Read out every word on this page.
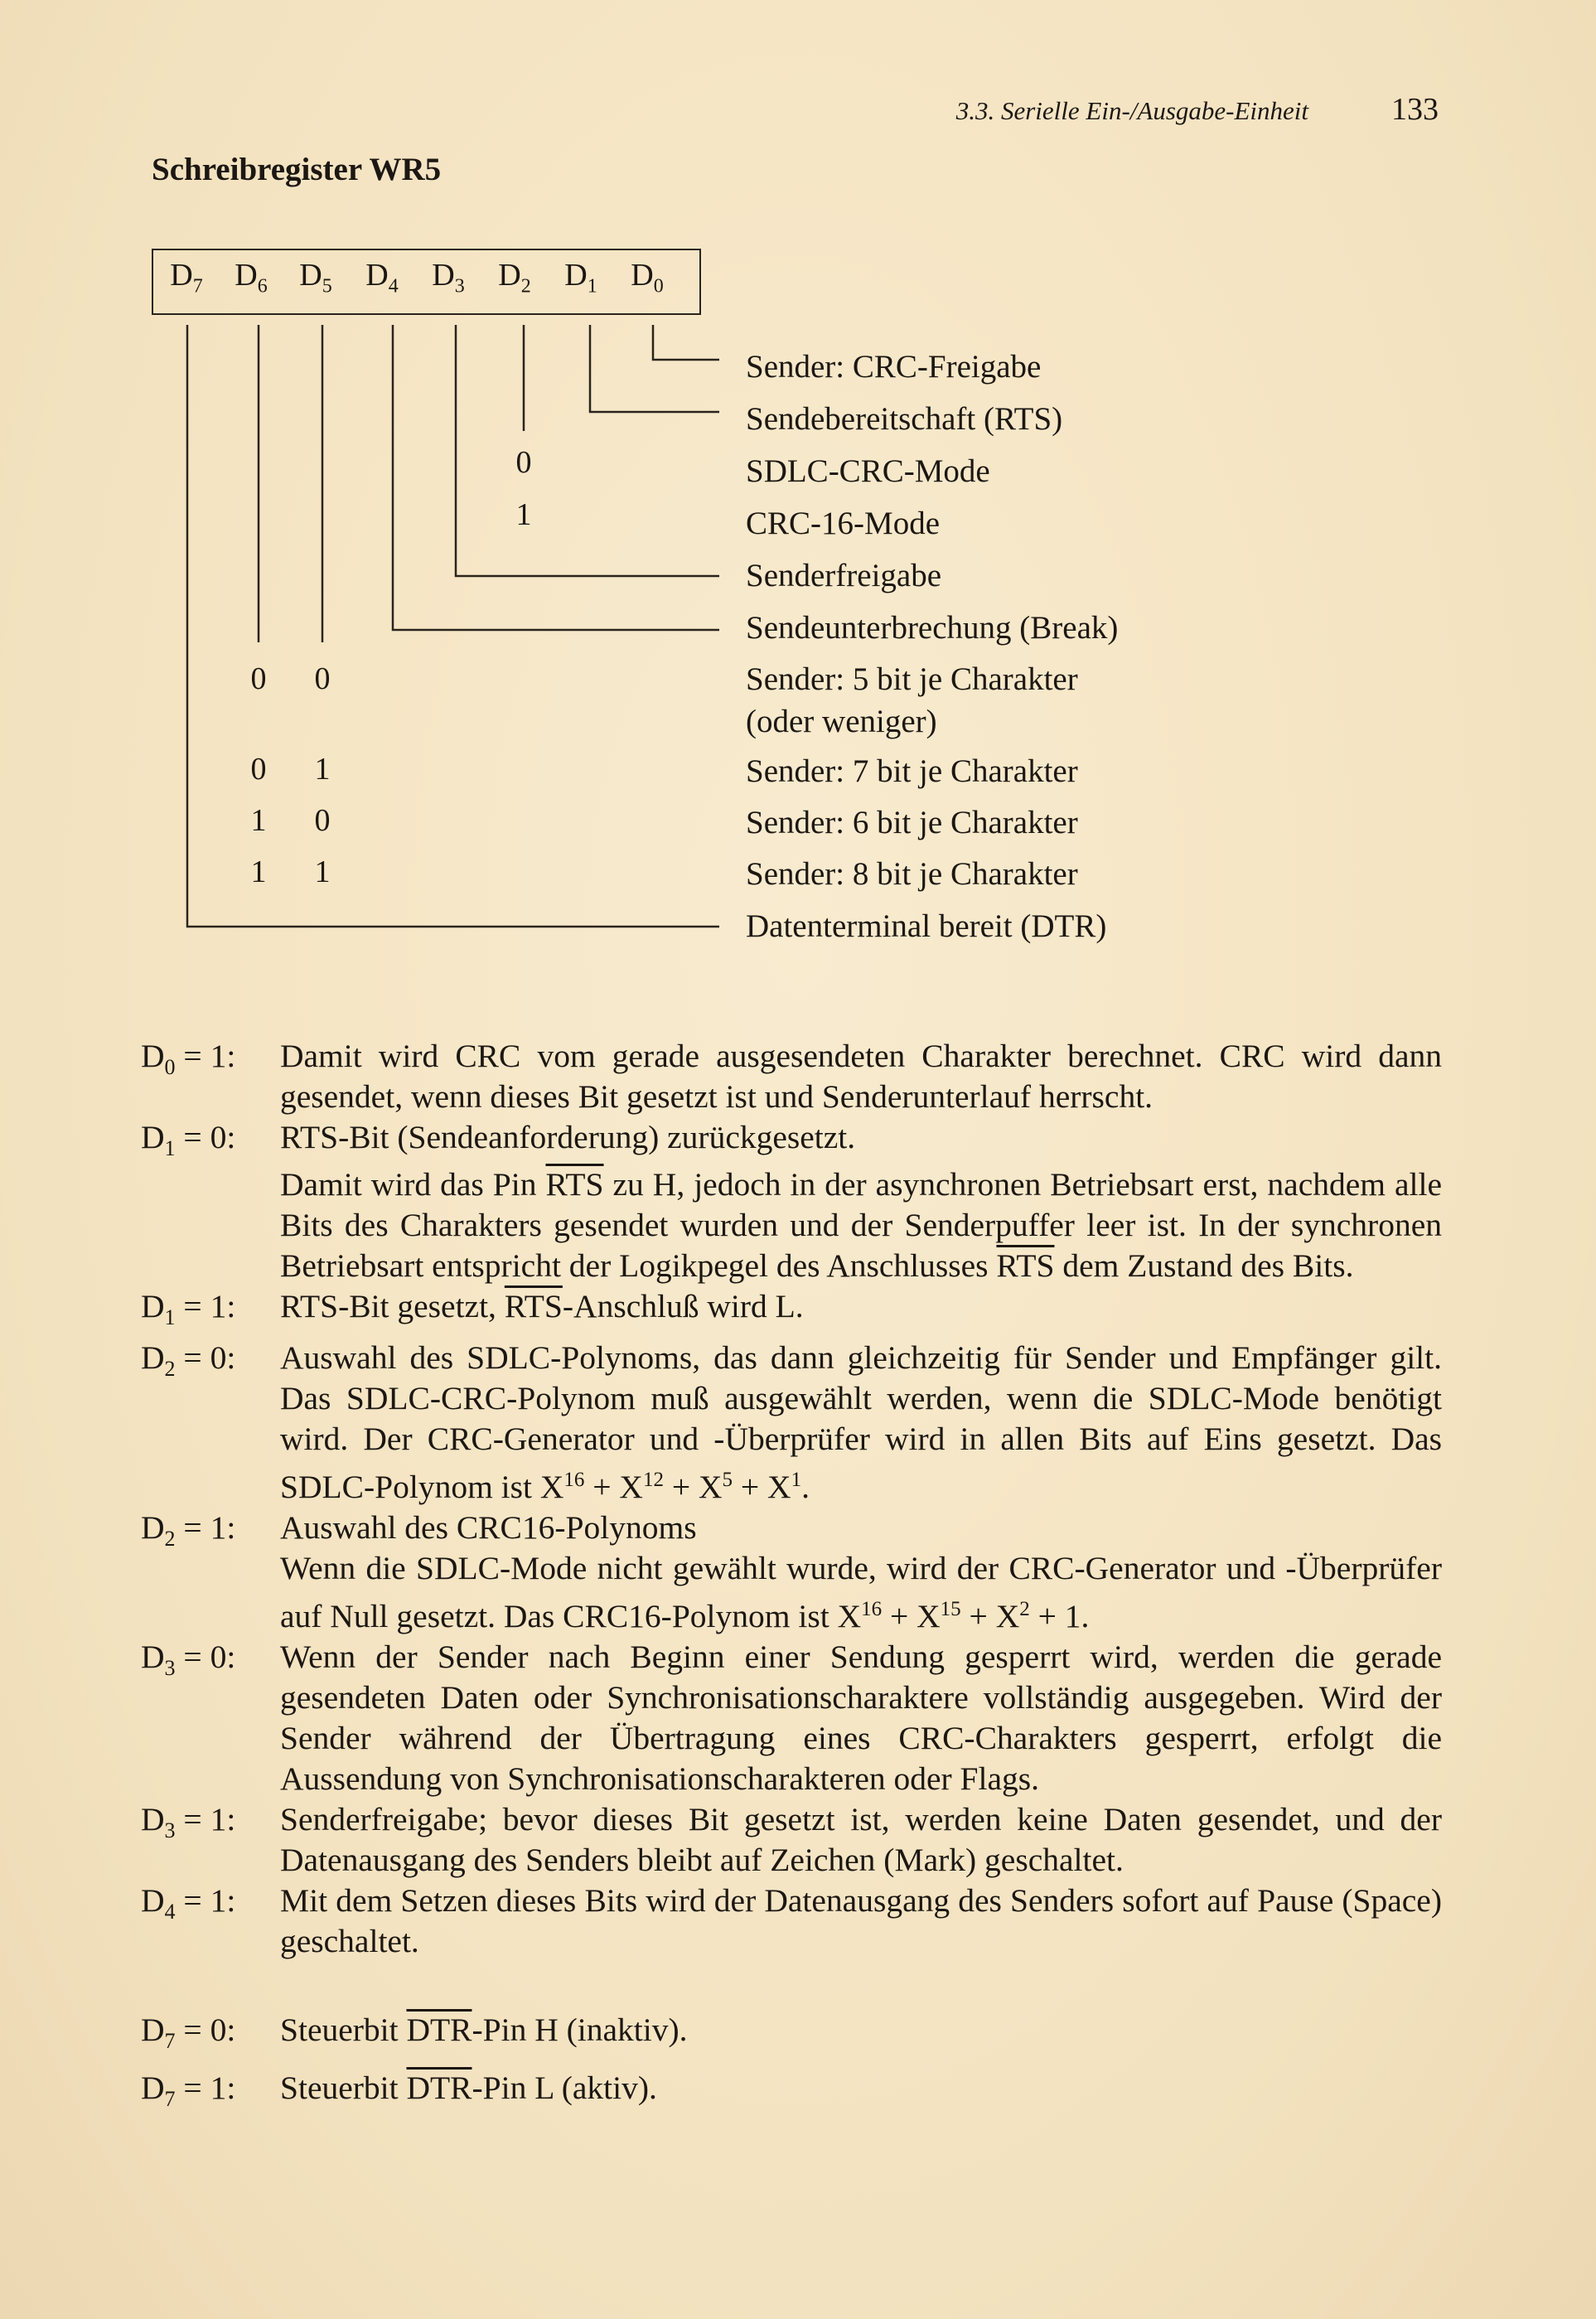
3.3. Serielle Ein-/Ausgabe-Einheit	133
Schreibregister WR5
$D_7$ $D_6$ $D_5$ $D_4$ $D_3$ $D_2$ $D_1$ $D_0$
0
1
0 0
0 1
1 0
1 1
Sender: CRC-Freigabe
Sendebereitschaft (RTS)
SDLC-CRC-Mode
CRC-16-Mode
Senderfreigabe
Sendeunterbrechung (Break)
Sender: 5 bit je Charakter
(oder weniger)
Sender: 7 bit je Charakter
Sender: 6 bit je Charakter
Sender: 8 bit je Charakter
Datenterminal bereit (DTR)
$D_0 = 1$:	Damit wird CRC vom gerade ausgesendeten Charakter berechnet. CRC wird dann gesendet, wenn dieses Bit gesetzt ist und Senderunterlauf herrscht.
$D_1 = 0$:	RTS-Bit (Sendeanforderung) zurückgesetzt.
Damit wird das Pin $\overline{RTS}$ zu H, jedoch in der asynchronen Betriebsart erst, nachdem alle Bits des Charakters gesendet wurden und der Senderpuffer leer ist. In der synchronen Betriebsart entspricht der Logikpegel des Anschlusses $\overline{RTS}$ dem Zustand des Bits.
$D_1 = 1$:	RTS-Bit gesetzt, $\overline{RTS}$-Anschluß wird L.
$D_2 = 0$:	Auswahl des SDLC-Polynoms, das dann gleichzeitig für Sender und Empfänger gilt. Das SDLC-CRC-Polynom muß ausgewählt werden, wenn die SDLC-Mode benötigt wird. Der CRC-Generator und -Überprüfer wird in allen Bits auf Eins gesetzt. Das SDLC-Polynom ist $X^{16} + X^{12} + X^5 + X^1$.
$D_2 = 1$:	Auswahl des CRC16-Polynoms
Wenn die SDLC-Mode nicht gewählt wurde, wird der CRC-Generator und -Überprüfer auf Null gesetzt. Das CRC16-Polynom ist $X^{16} + X^{15} + X^2 + 1$.
$D_3 = 0$:	Wenn der Sender nach Beginn einer Sendung gesperrt wird, werden die gerade gesendeten Daten oder Synchronisationscharaktere vollständig ausgegeben. Wird der Sender während der Übertragung eines CRC-Charakters gesperrt, erfolgt die Aussendung von Synchronisationscharakteren oder Flags.
$D_3 = 1$:	Senderfreigabe; bevor dieses Bit gesetzt ist, werden keine Daten gesendet, und der Datenausgang des Senders bleibt auf Zeichen (Mark) geschaltet.
$D_4 = 1$:	Mit dem Setzen dieses Bits wird der Datenausgang des Senders sofort auf Pause (Space) geschaltet.
$D_7 = 0$:	Steuerbit $\overline{DTR}$-Pin H (inaktiv).
$D_7 = 1$:	Steuerbit $\overline{DTR}$-Pin L (aktiv).
